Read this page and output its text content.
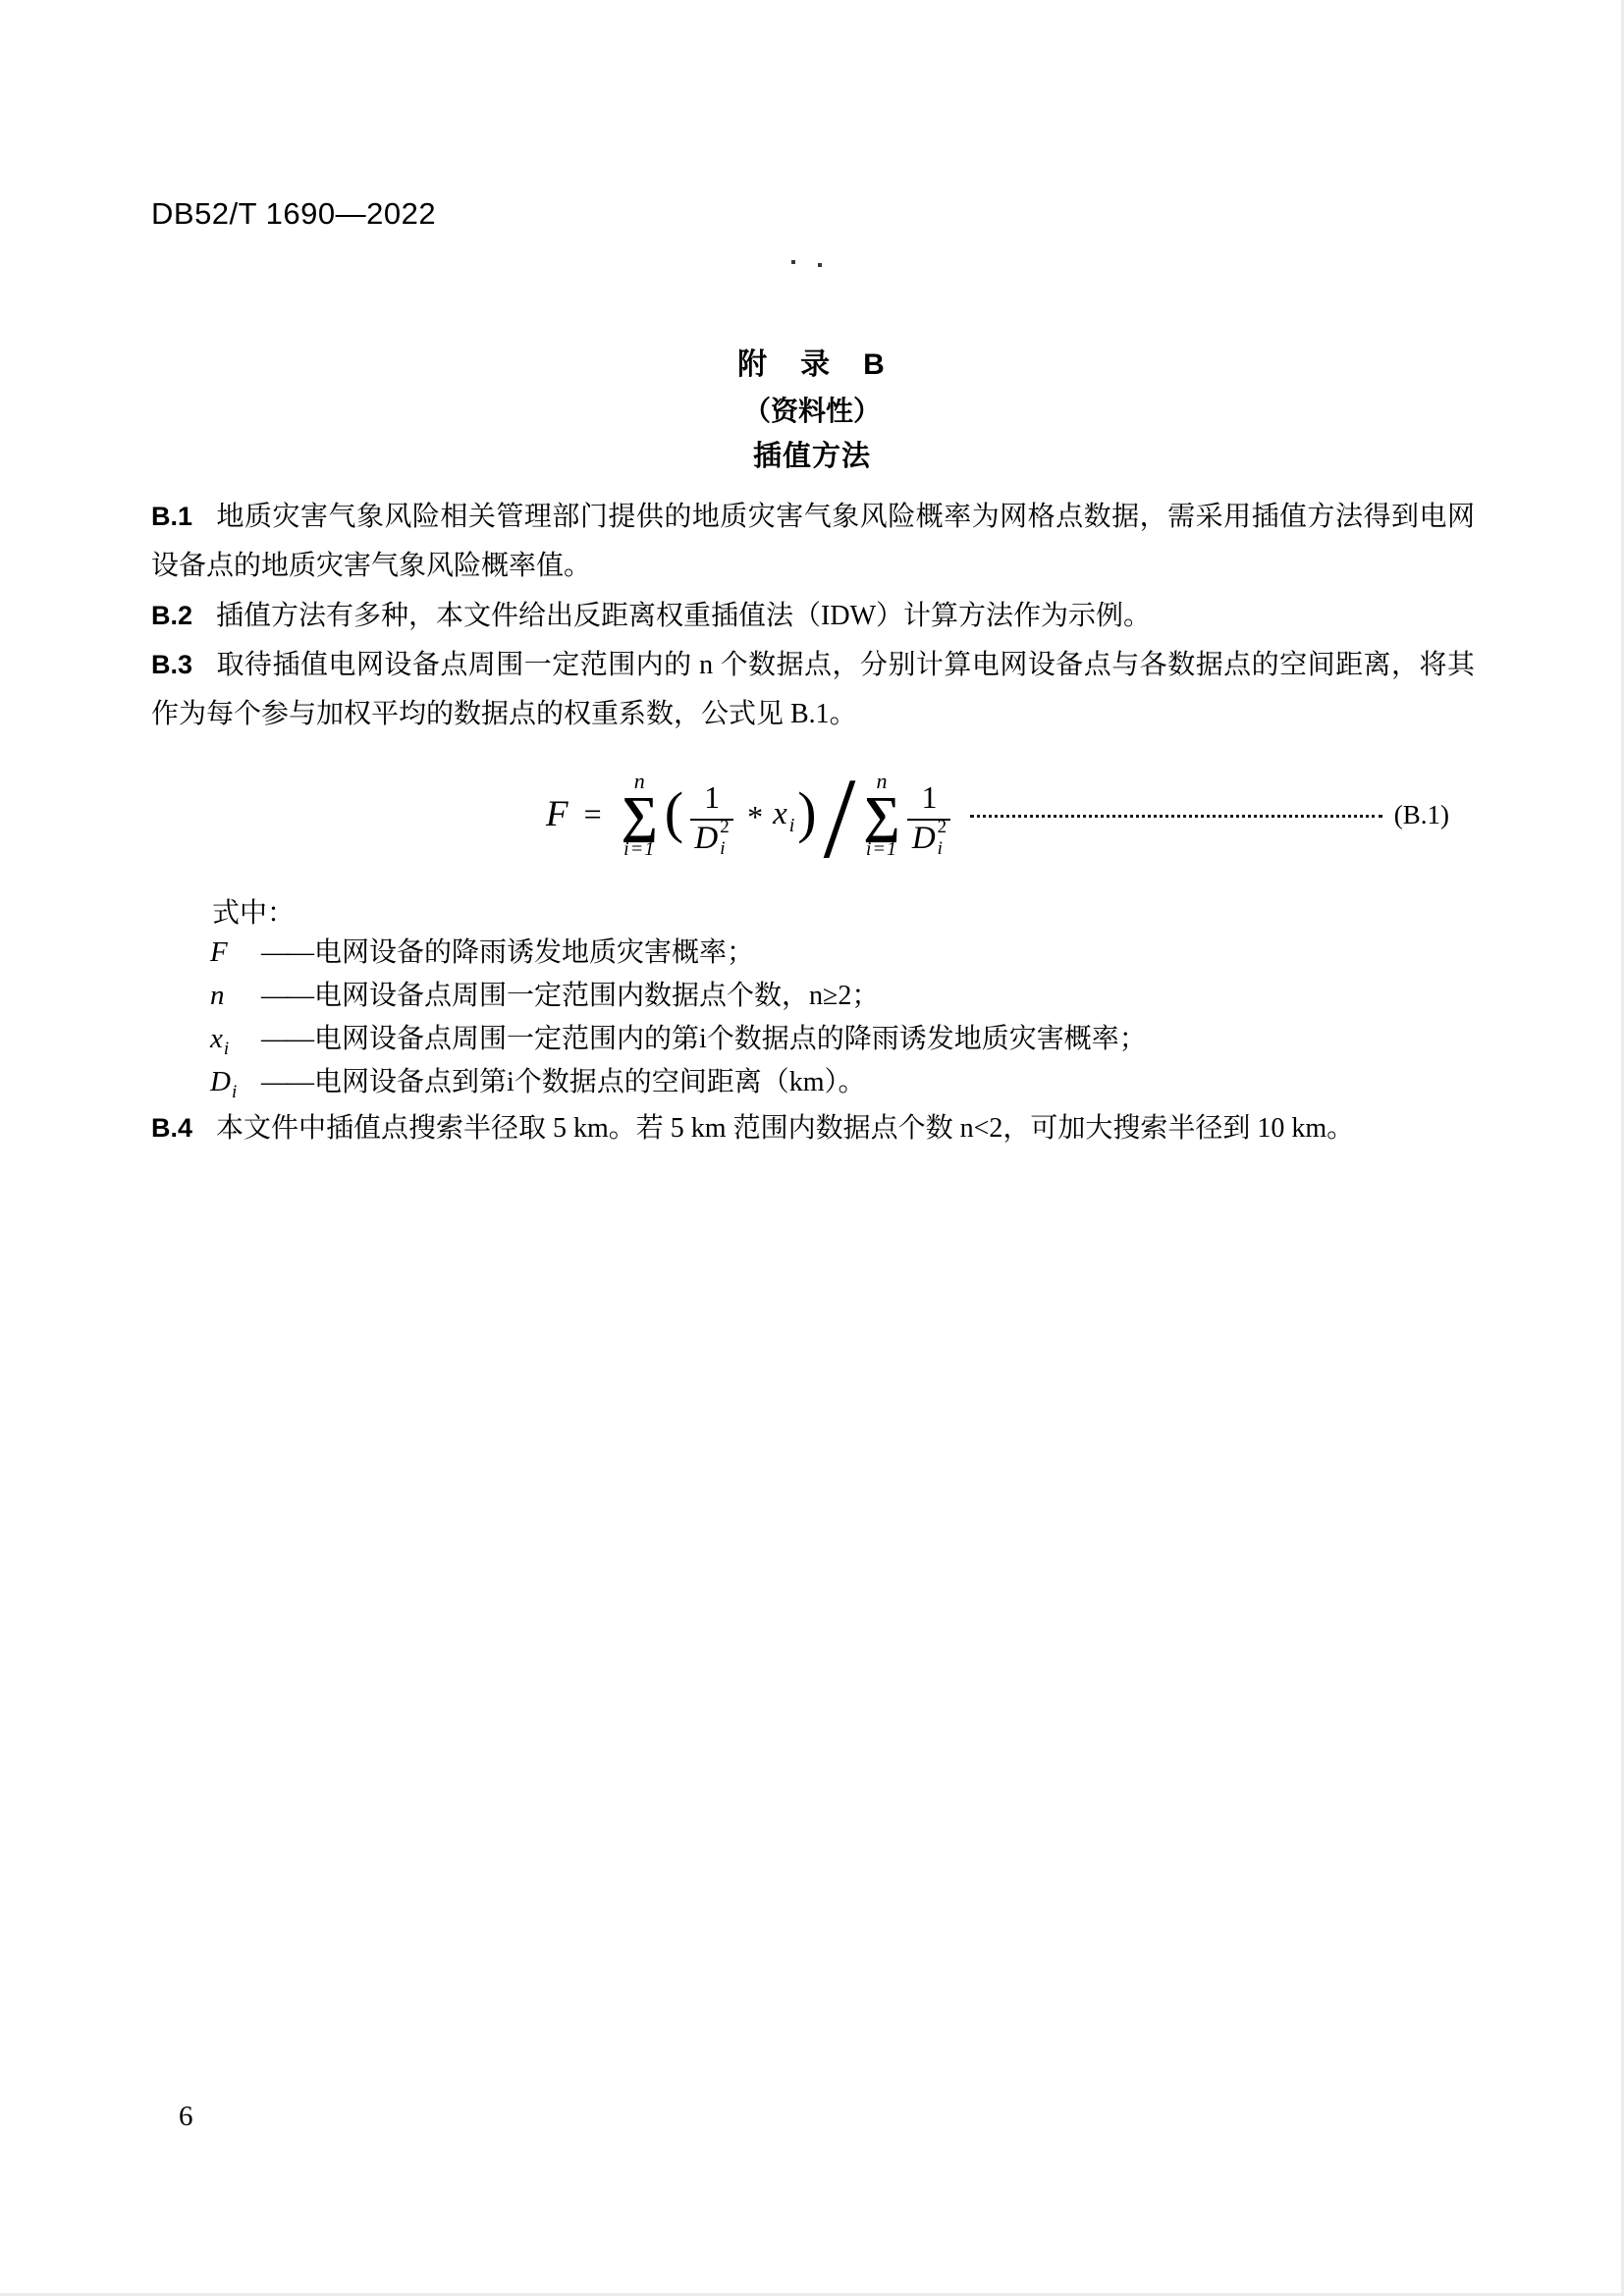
DB52/T 1690—2022
附　录　B
（资料性）
插值方法

B.1 地质灾害气象风险相关管理部门提供的地质灾害气象风险概率为网格点数据，需采用插值方法得到电网设备点的地质灾害气象风险概率值。

B.2 插值方法有多种，本文件给出反距离权重插值法（IDW）计算方法作为示例。

B.3 取待插值电网设备点周围一定范围内的 n 个数据点，分别计算电网设备点与各数据点的空间距离，将其作为每个参与加权平均的数据点的权重系数，公式见 B.1。

F =
n
∑
i=1
( 1
D 2
i * x i ) / n
∑
i=1 1
D 2
i	(B.1)
式中：
F —— 电网设备的降雨诱发地质灾害概率；
n —— 电网设备点周围一定范围内数据点个数，n≥2；
x i —— 电网设备点周围一定范围内的第i个数据点的降雨诱发地质灾害概率；
D i —— 电网设备点到第i个数据点的空间距离（km）。

B.4 本文件中插值点搜索半径取 5 km。若 5 km 范围内数据点个数 n<2，可加大搜索半径到 10 km。

6
